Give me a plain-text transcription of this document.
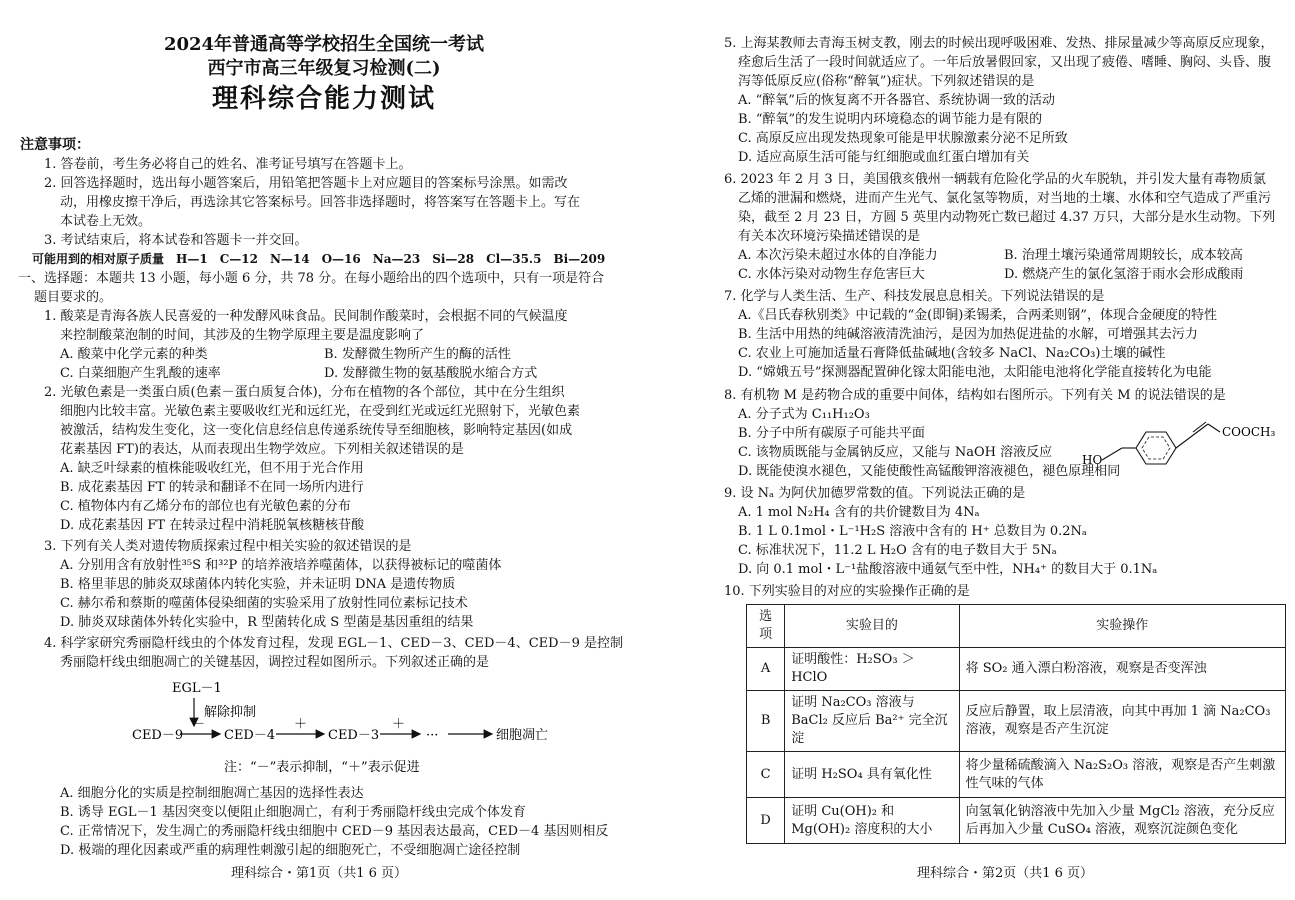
2024年普通高等学校招生全国统一考试
西宁市高三年级复习检测(二)
理科综合能力测试
注意事项：
1. 答卷前，考生务必将自己的姓名、准考证号填写在答题卡上。
2. 回答选择题时，选出每小题答案后，用铅笔把答题卡上对应题目的答案标号涂黑。如需改
动，用橡皮擦干净后，再选涂其它答案标号。回答非选择题时，将答案写在答题卡上。写在
本试卷上无效。
3. 考试结束后，将本试卷和答题卡一并交回。
可能用到的相对原子质量　H—1　C—12　N—14　O—16　Na—23　Si—28　Cl—35.5　Bi—209
一、选择题：本题共 13 小题，每小题 6 分，共 78 分。在每小题给出的四个选项中，只有一项是符合
题目要求的。
1. 酸菜是青海各族人民喜爱的一种发酵风味食品。民间制作酸菜时，会根据不同的气候温度
来控制酸菜泡制的时间，其涉及的生物学原理主要是温度影响了
A. 酸菜中化学元素的种类	B. 发酵微生物所产生的酶的活性
C. 白菜细胞产生乳酸的速率	D. 发酵微生物的氨基酸脱水缩合方式
2. 光敏色素是一类蛋白质(色素－蛋白质复合体)，分布在植物的各个部位，其中在分生组织
细胞内比较丰富。光敏色素主要吸收红光和远红光，在受到红光或远红光照射下，光敏色素
被激活，结构发生变化，这一变化信息经信息传递系统传导至细胞核，影响特定基因(如成
花素基因 FT)的表达，从而表现出生物学效应。下列相关叙述错误的是
A. 缺乏叶绿素的植株能吸收红光，但不用于光合作用
B. 成花素基因 FT 的转录和翻译不在同一场所内进行
C. 植物体内有乙烯分布的部位也有光敏色素的分布
D. 成花素基因 FT 在转录过程中消耗脱氧核糖核苷酸
3. 下列有关人类对遗传物质探索过程中相关实验的叙述错误的是
A. 分别用含有放射性³⁵S 和³²P 的培养液培养噬菌体，以获得被标记的噬菌体
B. 格里菲思的肺炎双球菌体内转化实验，并未证明 DNA 是遗传物质
C. 赫尔希和蔡斯的噬菌体侵染细菌的实验采用了放射性同位素标记技术
D. 肺炎双球菌体外转化实验中，R 型菌转化成 S 型菌是基因重组的结果
4. 科学家研究秀丽隐杆线虫的个体发育过程，发现 EGL－1、CED－3、CED－4、CED－9 是控制
秀丽隐杆线虫细胞凋亡的关键基因，调控过程如图所示。下列叙述正确的是
EGL－1
解除抑制
CED－9
－
CED－4
＋
CED－3
＋
···	细胞凋亡
注：“－”表示抑制，“＋”表示促进
A. 细胞分化的实质是控制细胞凋亡基因的选择性表达
B. 诱导 EGL－1 基因突变以便阻止细胞凋亡，有利于秀丽隐杆线虫完成个体发育
C. 正常情况下，发生凋亡的秀丽隐杆线虫细胞中 CED－9 基因表达最高，CED－4 基因则相反
D. 极端的理化因素或严重的病理性刺激引起的细胞死亡，不受细胞凋亡途径控制
理科综合・第1页（共1 6 页）
5. 上海某教师去青海玉树支教，刚去的时候出现呼吸困难、发热、排尿量减少等高原反应现象，
痊愈后生活了一段时间就适应了。一年后放暑假回家，又出现了疲倦、嗜睡、胸闷、头昏、腹
泻等低原反应(俗称“醉氧”)症状。下列叙述错误的是
A. “醉氧”后的恢复离不开各器官、系统协调一致的活动
B. “醉氧”的发生说明内环境稳态的调节能力是有限的
C. 高原反应出现发热现象可能是甲状腺激素分泌不足所致
D. 适应高原生活可能与红细胞或血红蛋白增加有关
6. 2023 年 2 月 3 日，美国俄亥俄州一辆载有危险化学品的火车脱轨，并引发大量有毒物质氯
乙烯的泄漏和燃烧，进而产生光气、氯化氢等物质，对当地的土壤、水体和空气造成了严重污
染，截至 2 月 23 日，方圆 5 英里内动物死亡数已超过 4.37 万只，大部分是水生动物。下列
有关本次环境污染描述错误的是
A. 本次污染未超过水体的自净能力	B. 治理土壤污染通常周期较长，成本较高
C. 水体污染对动物生存危害巨大	D. 燃烧产生的氯化氢溶于雨水会形成酸雨
7. 化学与人类生活、生产、科技发展息息相关。下列说法错误的是
A.《吕氏春秋别类》中记载的“金(即铜)柔锡柔，合两柔则钢”，体现合金硬度的特性
B. 生活中用热的纯碱溶液清洗油污，是因为加热促进盐的水解，可增强其去污力
C. 农业上可施加适量石膏降低盐碱地(含较多 NaCl、Na₂CO₃)土壤的碱性
D. “嫦娥五号”探测器配置砷化镓太阳能电池，太阳能电池将化学能直接转化为电能
8. 有机物 M 是药物合成的重要中间体，结构如右图所示。下列有关 M 的说法错误的是
A. 分子式为 C₁₁H₁₂O₃
B. 分子中所有碳原子可能共平面
C. 该物质既能与金属钠反应，又能与 NaOH 溶液反应
D. 既能使溴水褪色，又能使酸性高锰酸钾溶液褪色，褪色原理相同
HO
COOCH₃
9. 设 Nₐ 为阿伏加德罗常数的值。下列说法正确的是
A. 1 mol N₂H₄ 含有的共价键数目为 4Nₐ
B. 1 L 0.1mol・L⁻¹H₂S 溶液中含有的 H⁺ 总数目为 0.2Nₐ
C. 标准状况下，11.2 L H₂O 含有的电子数目大于 5Nₐ
D. 向 0.1 mol・L⁻¹盐酸溶液中通氨气至中性，NH₄⁺ 的数目大于 0.1Nₐ
10. 下列实验目的对应的实验操作正确的是
选项	实验目的	实验操作
A	证明酸性：H₂SO₃ ＞ HClO	将 SO₂ 通入漂白粉溶液，观察是否变浑浊
B	证明 Na₂CO₃ 溶液与 BaCl₂ 反应后 Ba²⁺ 完全沉淀	反应后静置，取上层清液，向其中再加 1 滴 Na₂CO₃ 溶液，观察是否产生沉淀
C	证明 H₂SO₄ 具有氧化性	将少量稀硫酸滴入 Na₂S₂O₃ 溶液，观察是否产生刺激性气味的气体
D	证明 Cu(OH)₂ 和 Mg(OH)₂ 溶度积的大小	向氢氧化钠溶液中先加入少量 MgCl₂ 溶液，充分反应后再加入少量 CuSO₄ 溶液，观察沉淀颜色变化
理科综合・第2页（共1 6 页）
